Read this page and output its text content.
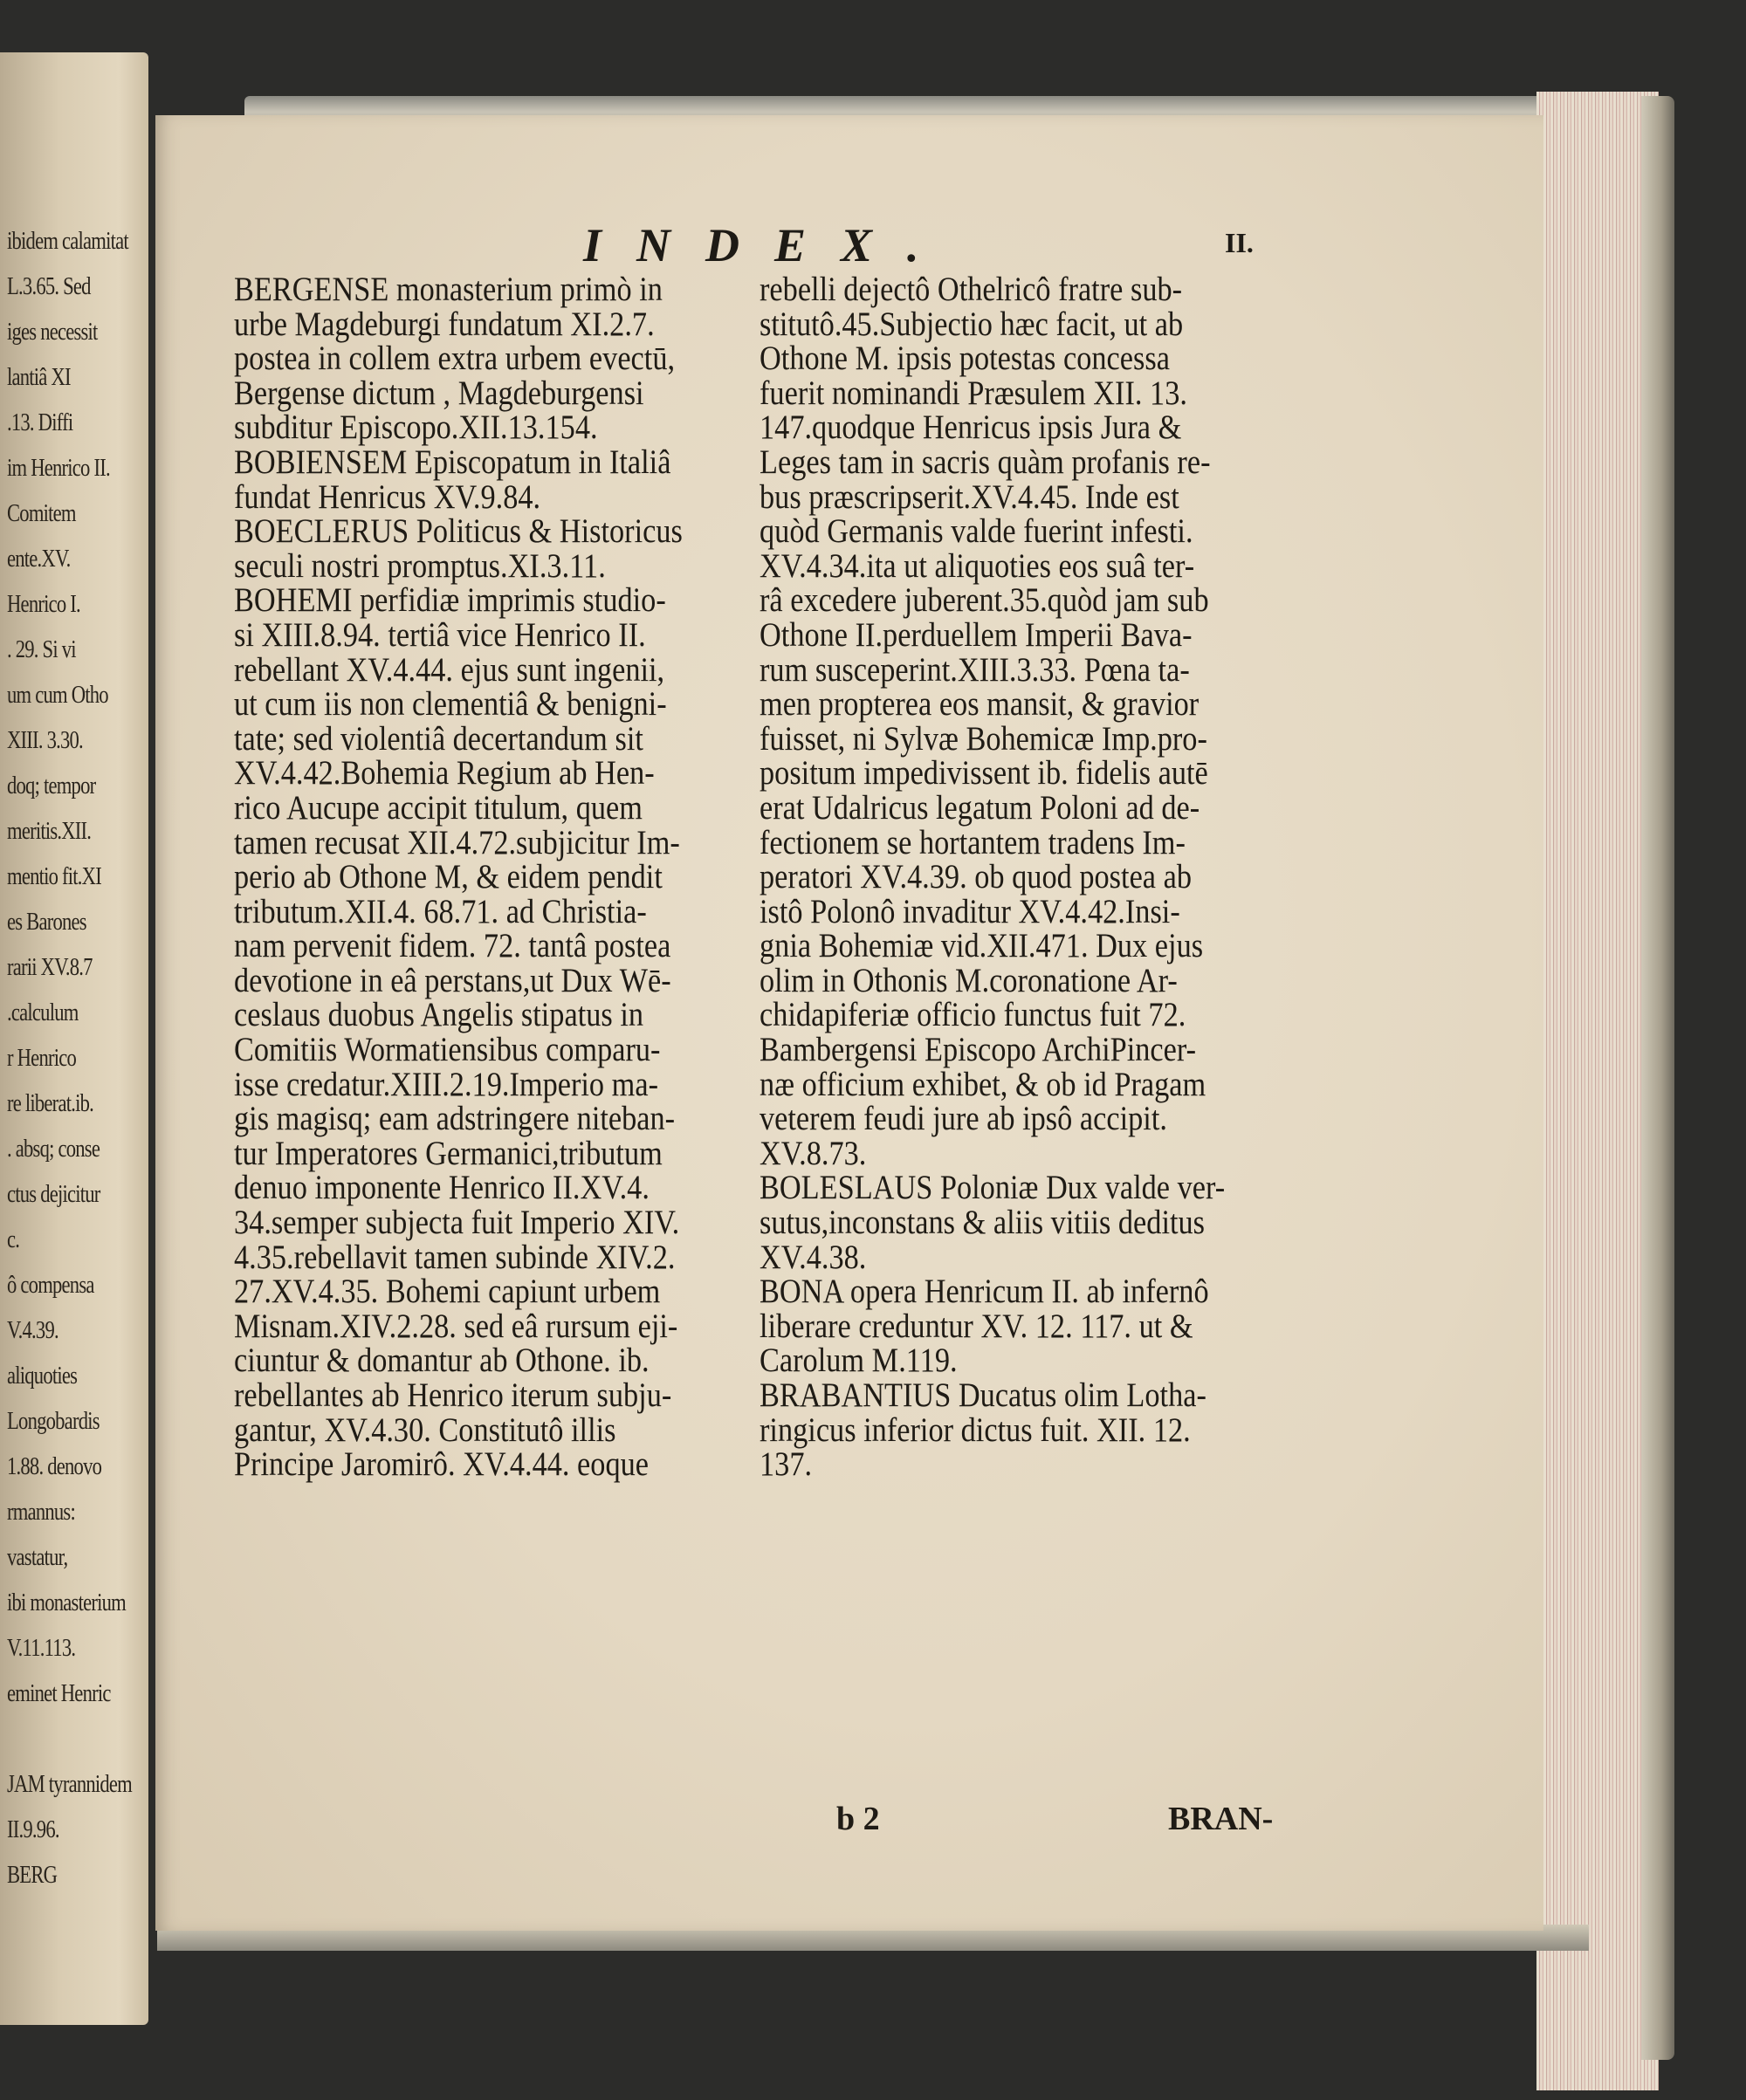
ibidem calamitat
L.3.65. Sed
iges necessit
lantiâ XI
.13. Diffi
im Henrico II.
Comitem
ente.XV.
Henrico I.
. 29. Si vi
um cum Otho
XIII. 3.30.
doq; tempor
meritis.XII.
mentio fit.XI
es Barones
rarii XV.8.7
.calculum
r Henrico
re liberat.ib.
. absq; conse
ctus dejicitur
c.
ô compensa
V.4.39.
aliquoties
Longobardis
1.88. denovo
rmannus:
vastatur,
ibi monasterium
V.11.113.
eminet Henric
JAM tyrannidem
II.9.96.
BERG
INDEX.	II.
BERGENSE monasterium primò in
urbe Magdeburgi fundatum XI.2.7.
postea in collem extra urbem evectū,
Bergense dictum , Magdeburgensi
subditur Episcopo.XII.13.154.
BOBIENSEM Episcopatum in Italiâ
fundat Henricus XV.9.84.
BOECLERUS Politicus & Historicus
seculi nostri promptus.XI.3.11.
BOHEMI perfidiæ imprimis studio-
si XIII.8.94. tertiâ vice Henrico II.
rebellant XV.4.44. ejus sunt ingenii,
ut cum iis non clementiâ & benigni-
tate; sed violentiâ decertandum sit
XV.4.42.Bohemia Regium ab Hen-
rico Aucupe accipit titulum, quem
tamen recusat XII.4.72.subjicitur Im-
perio ab Othone M, & eidem pendit
tributum.XII.4. 68.71. ad Christia-
nam pervenit fidem. 72. tantâ postea
devotione in eâ perstans,ut Dux Wē-
ceslaus duobus Angelis stipatus in
Comitiis Wormatiensibus comparu-
isse credatur.XIII.2.19.Imperio ma-
gis magisq; eam adstringere niteban-
tur Imperatores Germanici,tributum
denuo imponente Henrico II.XV.4.
34.semper subjecta fuit Imperio XIV.
4.35.rebellavit tamen subinde XIV.2.
27.XV.4.35. Bohemi capiunt urbem
Misnam.XIV.2.28. sed eâ rursum eji-
ciuntur & domantur ab Othone. ib.
rebellantes ab Henrico iterum subju-
gantur, XV.4.30. Constitutô illis
Principe Jaromirô. XV.4.44. eoque
rebelli dejectô Othelricô fratre sub-
stitutô.45.Subjectio hæc facit, ut ab
Othone M. ipsis potestas concessa
fuerit nominandi Præsulem XII. 13.
147.quodque Henricus ipsis Jura &
Leges tam in sacris quàm profanis re-
bus præscripserit.XV.4.45. Inde est
quòd Germanis valde fuerint infesti.
XV.4.34.ita ut aliquoties eos suâ ter-
râ excedere juberent.35.quòd jam sub
Othone II.perduellem Imperii Bava-
rum susceperint.XIII.3.33. Pœna ta-
men propterea eos mansit, & gravior
fuisset, ni Sylvæ Bohemicæ Imp.pro-
positum impedivissent ib. fidelis autē
erat Udalricus legatum Poloni ad de-
fectionem se hortantem tradens Im-
peratori XV.4.39. ob quod postea ab
istô Polonô invaditur XV.4.42.Insi-
gnia Bohemiæ vid.XII.471. Dux ejus
olim in Othonis M.coronatione Ar-
chidapiferiæ officio functus fuit 72.
Bambergensi Episcopo ArchiPincer-
næ officium exhibet, & ob id Pragam
veterem feudi jure ab ipsô accipit.
XV.8.73.
BOLESLAUS Poloniæ Dux valde ver-
sutus,inconstans & aliis vitiis deditus
XV.4.38.
BONA opera Henricum II. ab infernô
liberare creduntur XV. 12. 117. ut &
Carolum M.119.
BRABANTIUS Ducatus olim Lotha-
ringicus inferior dictus fuit. XII. 12.
137.
b 2	BRAN-
